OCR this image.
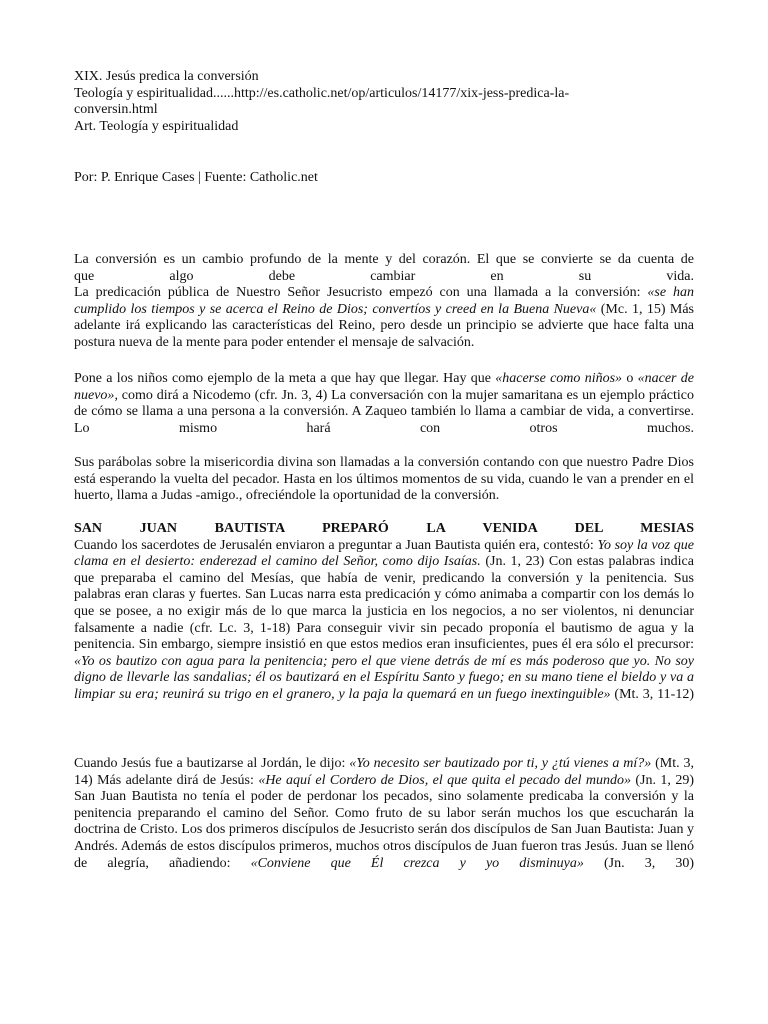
XIX. Jesús predica la conversión

Teología y espiritualidad......http://es.catholic.net/op/articulos/14177/xix-jess-predica-la-conversin.html

Art. Teología y espiritualidad

Por: P. Enrique Cases | Fuente: Catholic.net

La conversión es un cambio profundo de la mente y del corazón. El que se convierte se da cuenta de

que algo debe cambiar en su vida.

La predicación pública de Nuestro Señor Jesucristo empezó con una llamada a la conversión: «se han cumplido los tiempos y se acerca el Reino de Dios; convertíos y creed en la Buena Nueva« (Mc. 1, 15) Más adelante irá explicando las características del Reino, pero desde un principio se advierte que hace falta una postura nueva de la mente para poder entender el mensaje de salvación.

Pone a los niños como ejemplo de la meta a que hay que llegar. Hay que «hacerse como niños» o «nacer de nuevo», como dirá a Nicodemo (cfr. Jn. 3, 4) La conversación con la mujer samaritana es un ejemplo práctico de cómo se llama a una persona a la conversión. A Zaqueo también lo llama a cambiar de vida, a convertirse. Lo mismo hará con otros muchos.

Sus parábolas sobre la misericordia divina son llamadas a la conversión contando con que nuestro Padre Dios está esperando la vuelta del pecador. Hasta en los últimos momentos de su vida, cuando le van a prender en el huerto, llama a Judas -amigo., ofreciéndole la oportunidad de la conversión.

SAN JUAN BAUTISTA PREPARÓ LA VENIDA DEL MESIAS

Cuando los sacerdotes de Jerusalén enviaron a preguntar a Juan Bautista quién era, contestó: Yo soy la voz que clama en el desierto: enderezad el camino del Señor, como dijo Isaías. (Jn. 1, 23) Con estas palabras indica que preparaba el camino del Mesías, que había de venir, predicando la conversión y la penitencia. Sus palabras eran claras y fuertes. San Lucas narra esta predicación y cómo animaba a compartir con los demás lo que se posee, a no exigir más de lo que marca la justicia en los negocios, a no ser violentos, ni denunciar falsamente a nadie (cfr. Lc. 3, 1-18) Para conseguir vivir sin pecado proponía el bautismo de agua y la penitencia. Sin embargo, siempre insistió en que estos medios eran insuficientes, pues él era sólo el precursor: «Yo os bautizo con agua para la penitencia; pero el que viene detrás de mí es más poderoso que yo. No soy digno de llevarle las sandalias; él os bautizará en el Espíritu Santo y fuego; en su mano tiene el bieldo y va a limpiar su era; reunirá su trigo en el granero, y la paja la quemará en un fuego inextinguible» (Mt. 3, 11-12)

Cuando Jesús fue a bautizarse al Jordán, le dijo: «Yo necesito ser bautizado por ti, y ¿tú vienes a mí?» (Mt. 3, 14) Más adelante dirá de Jesús: «He aquí el Cordero de Dios, el que quita el pecado del mundo» (Jn. 1, 29) San Juan Bautista no tenía el poder de perdonar los pecados, sino solamente predicaba la conversión y la penitencia preparando el camino del Señor. Como fruto de su labor serán muchos los que escucharán la doctrina de Cristo. Los dos primeros discípulos de Jesucristo serán dos discípulos de San Juan Bautista: Juan y Andrés. Además de estos discípulos primeros, muchos otros discípulos de Juan fueron tras Jesús. Juan se llenó de alegría, añadiendo: «Conviene que Él crezca y yo disminuya» (Jn. 3, 30)
